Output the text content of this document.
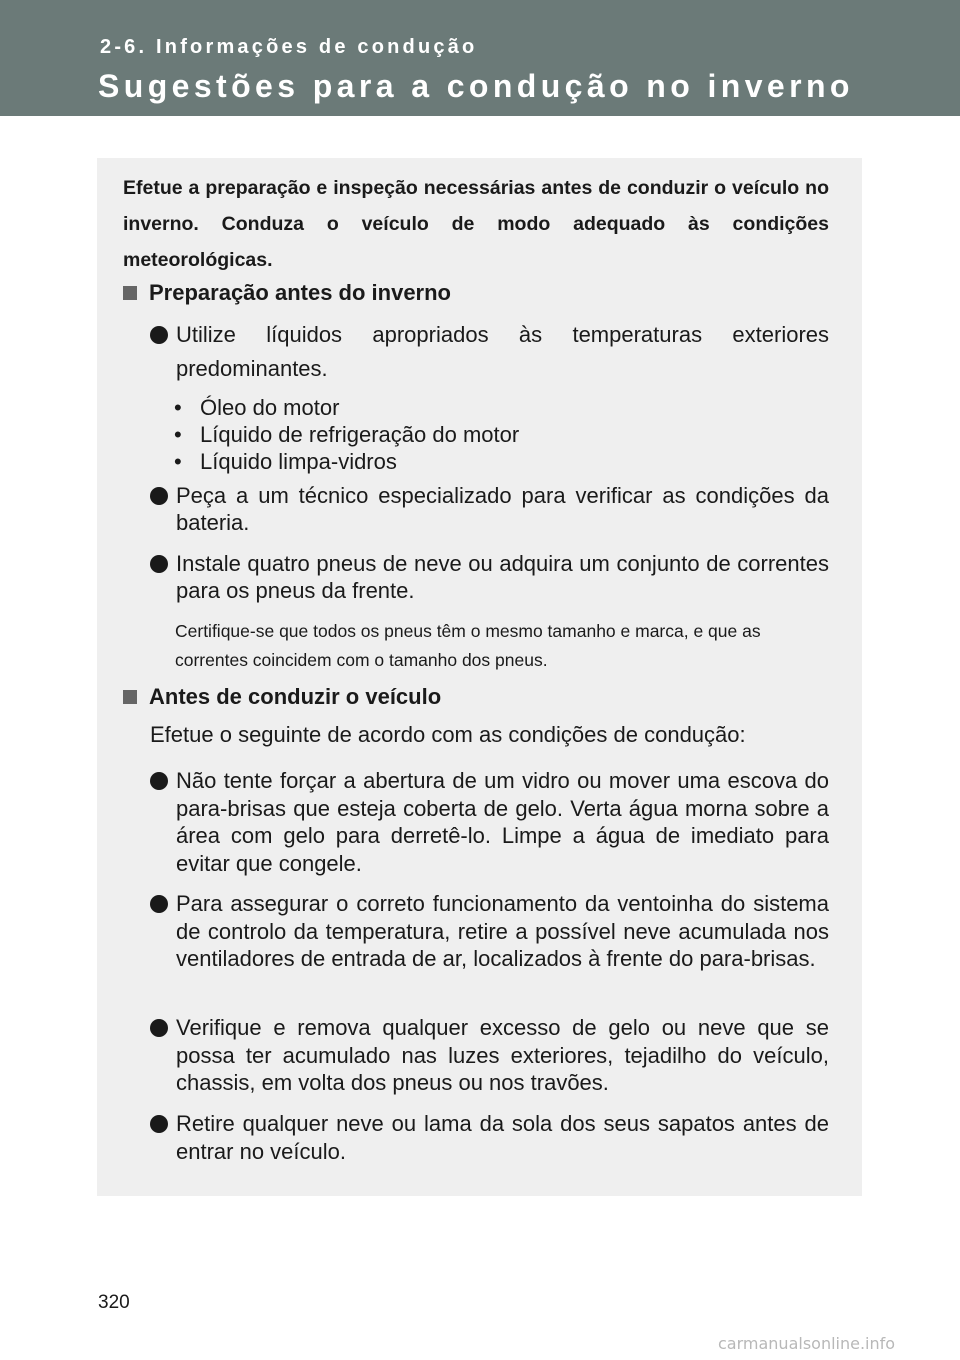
2-6. Informações de condução
Sugestões para a condução no inverno

Efetue a preparação e inspeção necessárias antes de conduzir o veículo no inverno. Conduza o veículo de modo adequado às condições meteorológicas.

Preparação antes do inverno
Utilize líquidos apropriados às temperaturas exteriores predominantes.
• Óleo do motor
• Líquido de refrigeração do motor
• Líquido limpa-vidros
Peça a um técnico especializado para verificar as condições da bateria.
Instale quatro pneus de neve ou adquira um conjunto de correntes para os pneus da frente.

Certifique-se que todos os pneus têm o mesmo tamanho e marca, e que as correntes coincidem com o tamanho dos pneus.

Antes de conduzir o veículo

Efetue o seguinte de acordo com as condições de condução:

Não tente forçar a abertura de um vidro ou mover uma escova do para-brisas que esteja coberta de gelo. Verta água morna sobre a área com gelo para derretê-lo. Limpe a água de imediato para evitar que congele.
Para assegurar o correto funcionamento da ventoinha do sistema de controlo da temperatura, retire a possível neve acumulada nos ventiladores de entrada de ar, localizados à frente do para-brisas.
Verifique e remova qualquer excesso de gelo ou neve que se possa ter acumulado nas luzes exteriores, tejadilho do veículo, chassis, em volta dos pneus ou nos travões.
Retire qualquer neve ou lama da sola dos seus sapatos antes de entrar no veículo.
320
carmanualsonline.info
